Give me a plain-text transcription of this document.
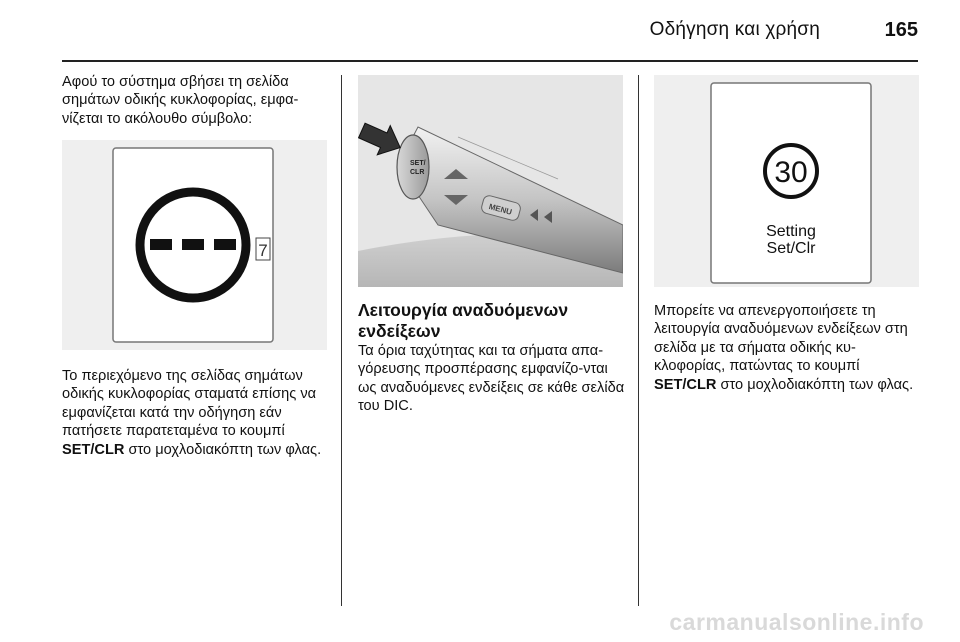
Οδήγηση και χρήση	165

Αφού το σύστημα σβήσει τη σελίδα σημάτων οδικής κυκλοφορίας, εμφα-νίζεται το ακόλουθο σύμβολο:

7

Το περιεχόμενο της σελίδας σημάτων οδικής κυκλοφορίας σταματά επίσης να εμφανίζεται κατά την οδήγηση εάν πατήσετε παρατεταμένα το κουμπί SET/CLR στο μοχλοδιακόπτη των φλας.

SET/
CLR
MENU

Λειτουργία αναδυόμενων ενδείξεων

Τα όρια ταχύτητας και τα σήματα απα-γόρευσης προσπέρασης εμφανίζο-νται ως αναδυόμενες ενδείξεις σε κάθε σελίδα του DIC.

30
Setting
Set/Clr

Μπορείτε να απενεργοποιήσετε τη λειτουργία αναδυόμενων ενδείξεων στη σελίδα με τα σήματα οδικής κυ-κλοφορίας, πατώντας το κουμπί SET/CLR στο μοχλοδιακόπτη των φλας.

carmanualsonline.info
